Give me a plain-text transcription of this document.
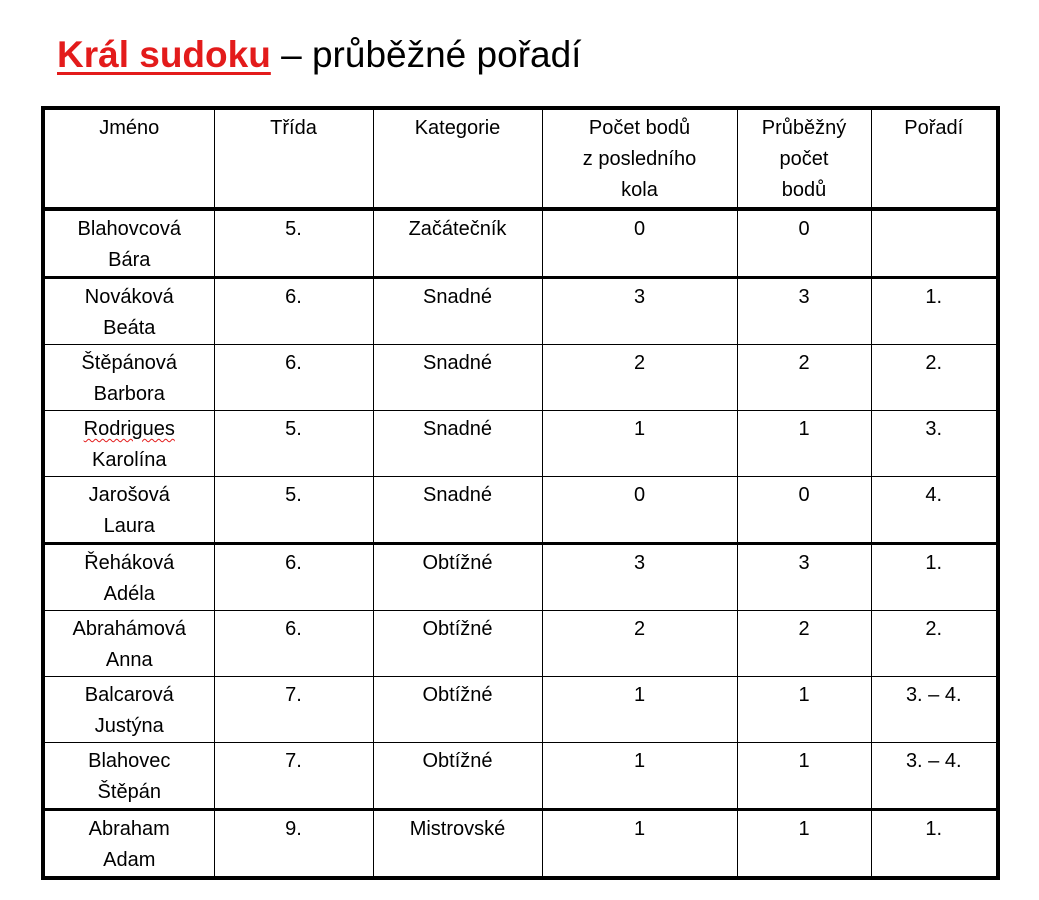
Král sudoku – průběžné pořadí
Jméno	Třída	Kategorie	Počet bodů
z posledního
kola	Průběžný
počet
bodů	Pořadí

Blahovcová
Bára	5.	Začátečník	0	0	

Nováková
Beáta	6.	Snadné	3	3	1.

Štěpánová
Barbora	6.	Snadné	2	2	2.

Rodrigues
Karolína	5.	Snadné	1	1	3.

Jarošová
Laura	5.	Snadné	0	0	4.

Řeháková
Adéla	6.	Obtížné	3	3	1.

Abrahámová
Anna	6.	Obtížné	2	2	2.

Balcarová
Justýna	7.	Obtížné	1	1	3. – 4.

Blahovec
Štěpán	7.	Obtížné	1	1	3. – 4.

Abraham
Adam	9.	Mistrovské	1	1	1.
